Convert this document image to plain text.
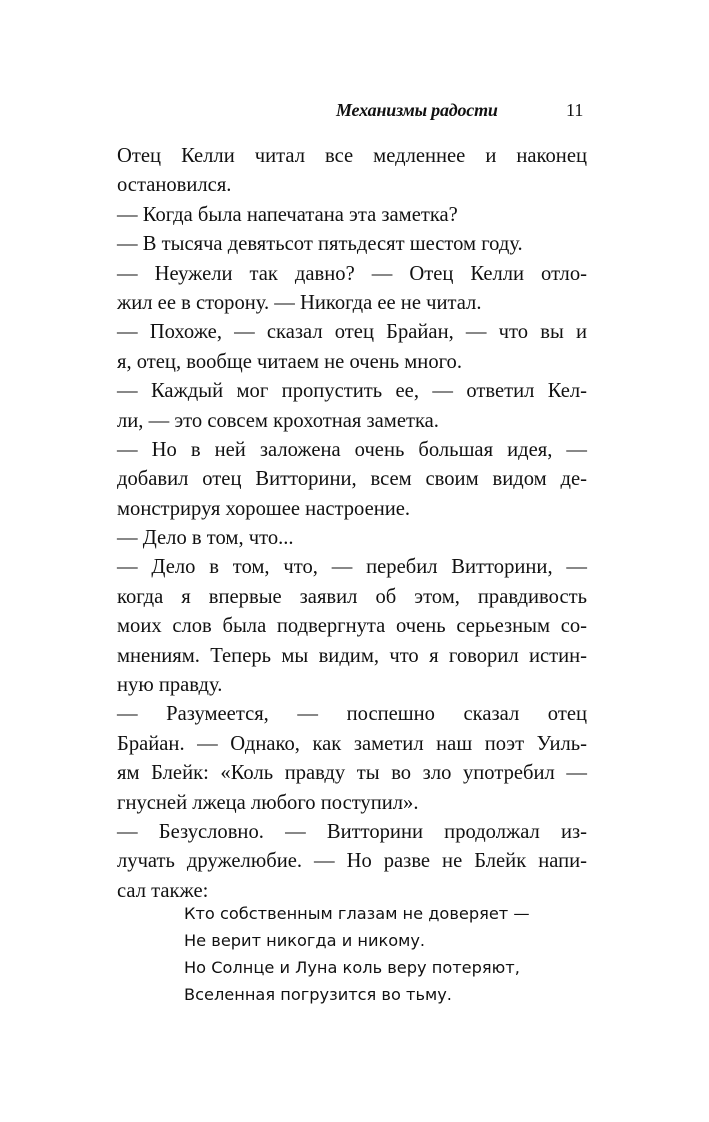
Механизмы радости	11
Отец Келли читал все медленнее и наконец
остановился.
— Когда была напечатана эта заметка?
— В тысяча девятьсот пятьдесят шестом году.
— Неужели так давно? — Отец Келли отло-
жил ее в сторону. — Никогда ее не читал.
— Похоже, — сказал отец Брайан, — что вы и
я, отец, вообще читаем не очень много.
— Каждый мог пропустить ее, — ответил Кел-
ли, — это совсем крохотная заметка.
— Но в ней заложена очень большая идея, —
добавил отец Витторини, всем своим видом де-
монстрируя хорошее настроение.
— Дело в том, что...
— Дело в том, что, — перебил Витторини, —
когда я впервые заявил об этом, правдивость
моих слов была подвергнута очень серьезным со-
мнениям. Теперь мы видим, что я говорил истин-
ную правду.
— Разумеется, — поспешно сказал отец
Брайан. — Однако, как заметил наш поэт Уиль-
ям Блейк: «Коль правду ты во зло употребил —
гнусней лжеца любого поступил».
— Безусловно. — Витторини продолжал из-
лучать дружелюбие. — Но разве не Блейк напи-
сал также:
Кто собственным глазам не доверяет —
Не верит никогда и никому.
Но Солнце и Луна коль веру потеряют,
Вселенная погрузится во тьму.
